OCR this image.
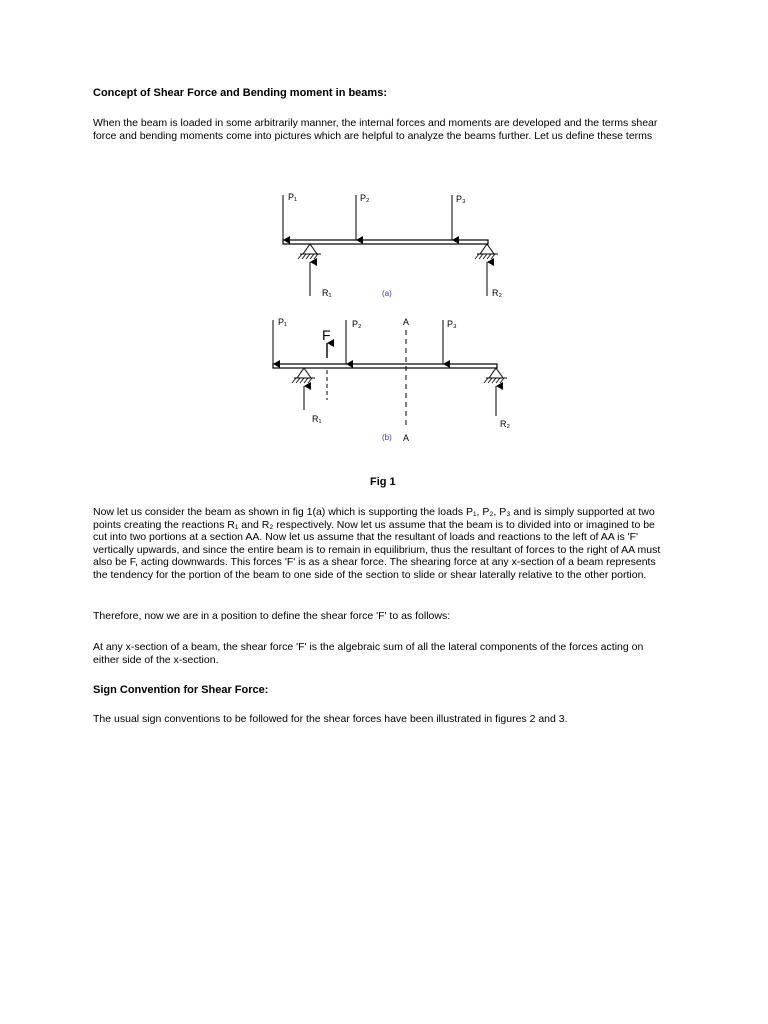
Concept of Shear Force and Bending moment in beams:
When the beam is loaded in some arbitrarily manner, the internal forces and moments are developed and the terms shear force and bending moments come into pictures which are helpful to analyze the beams further. Let us define these terms
Fig 1
Now let us consider the beam as shown in fig 1(a) which is supporting the loads P₁, P₂, P₃ and is simply supported at two points creating the reactions R₁ and R₂ respectively. Now let us assume that the beam is to divided into or imagined to be cut into two portions at a section AA. Now let us assume that the resultant of loads and reactions to the left of AA is 'F' vertically upwards, and since the entire beam is to remain in equilibrium, thus the resultant of forces to the right of AA must also be F, acting downwards. This forces 'F' is as a shear force. The shearing force at any x-section of a beam represents the tendency for the portion of the beam to one side of the section to slide or shear laterally relative to the other portion.
Therefore, now we are in a position to define the shear force 'F' to as follows:
At any x-section of a beam, the shear force 'F' is the algebraic sum of all the lateral components of the forces acting on either side of the x-section.
Sign Convention for Shear Force:
The usual sign conventions to be followed for the shear forces have been illustrated in figures 2 and 3.
P₁	P₂	P₃
R₁	R₂
(a)
P₁	P₂	P₃
F
A
A
R₁	R₂
(b)
